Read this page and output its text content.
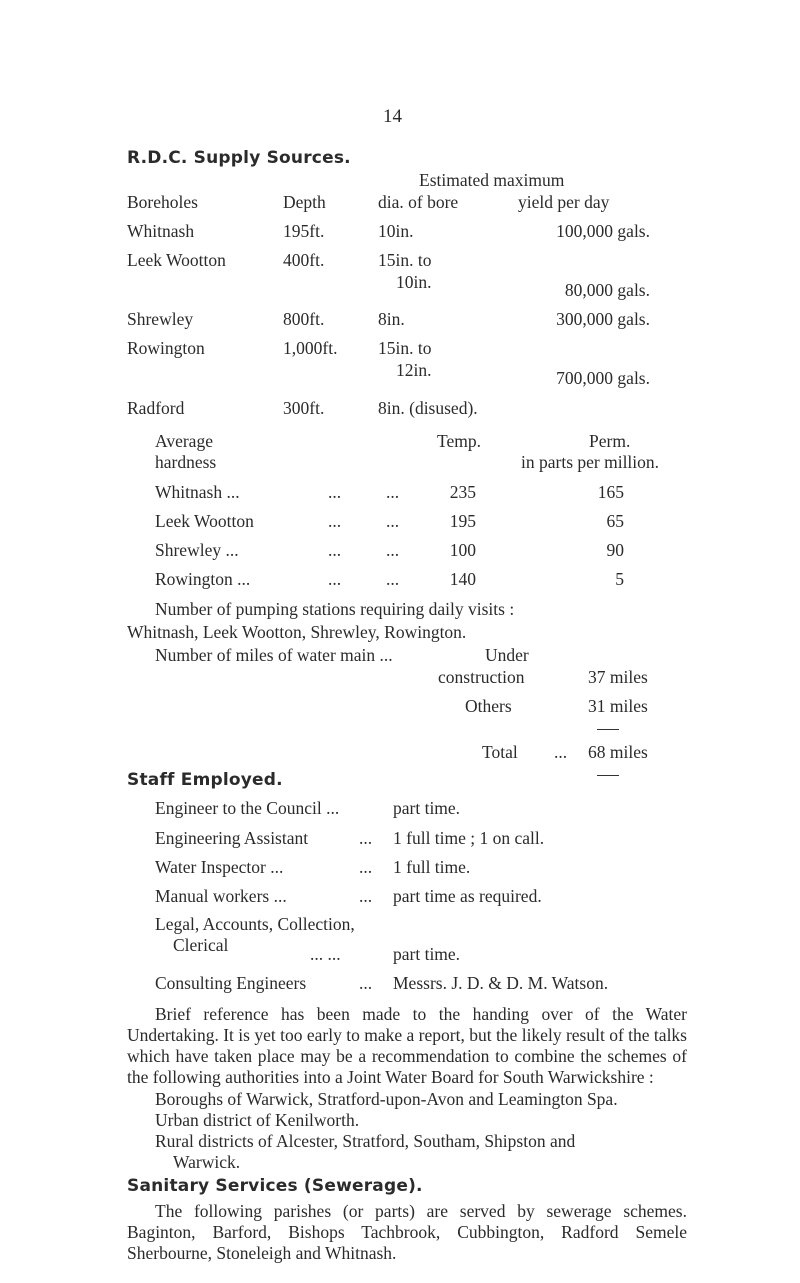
14
R.D.C. Supply Sources.
Estimated maximum
Boreholes	Depth	dia. of bore	yield per day
Whitnash	195ft.	10in.	100,000 gals.
Leek Wootton	400ft.	15in. to
10in.	80,000 gals.
Shrewley	800ft.	8in.	300,000 gals.
Rowington	1,000ft. 15in. to
12in.	700,000 gals.
Radford	300ft.	8in. (disused).
Average
hardness
Temp.	Perm.
in parts per million.
Whitnash ...	...	...	235	165
Leek Wootton	...	...	195	65
Shrewley ...	...	...	100	90
Rowington ...	...	...	140	5
Number of pumping stations requiring daily visits :
Whitnash, Leek Wootton, Shrewley, Rowington.
Number of miles of water main ...	Under
construction	37 miles
Others	31 miles
Total ... 68 miles
Staff Employed.
Engineer to the Council ...	part time.
Engineering Assistant	... 1 full time ; 1 on call.
Water Inspector ...	... 1 full time.
Manual workers ...	... part time as required.
Legal, Accounts, Collection,
Clerical	... ...	part time.
Consulting Engineers	... Messrs. J. D. & D. M. Watson.
Brief reference has been made to the handing over of the Water Undertaking. It is yet too early to make a report, but the likely result of the talks which have taken place may be a recommendation to combine the schemes of the following authorities into a Joint Water Board for South Warwickshire :
Boroughs of Warwick, Stratford-upon-Avon and Leamington Spa.
Urban district of Kenilworth.
Rural districts of Alcester, Stratford, Southam, Shipston and
Warwick.
Sanitary Services (Sewerage).
The following parishes (or parts) are served by sewerage schemes. Baginton, Barford, Bishops Tachbrook, Cubbington, Radford Semele Sherbourne, Stoneleigh and Whitnash.
